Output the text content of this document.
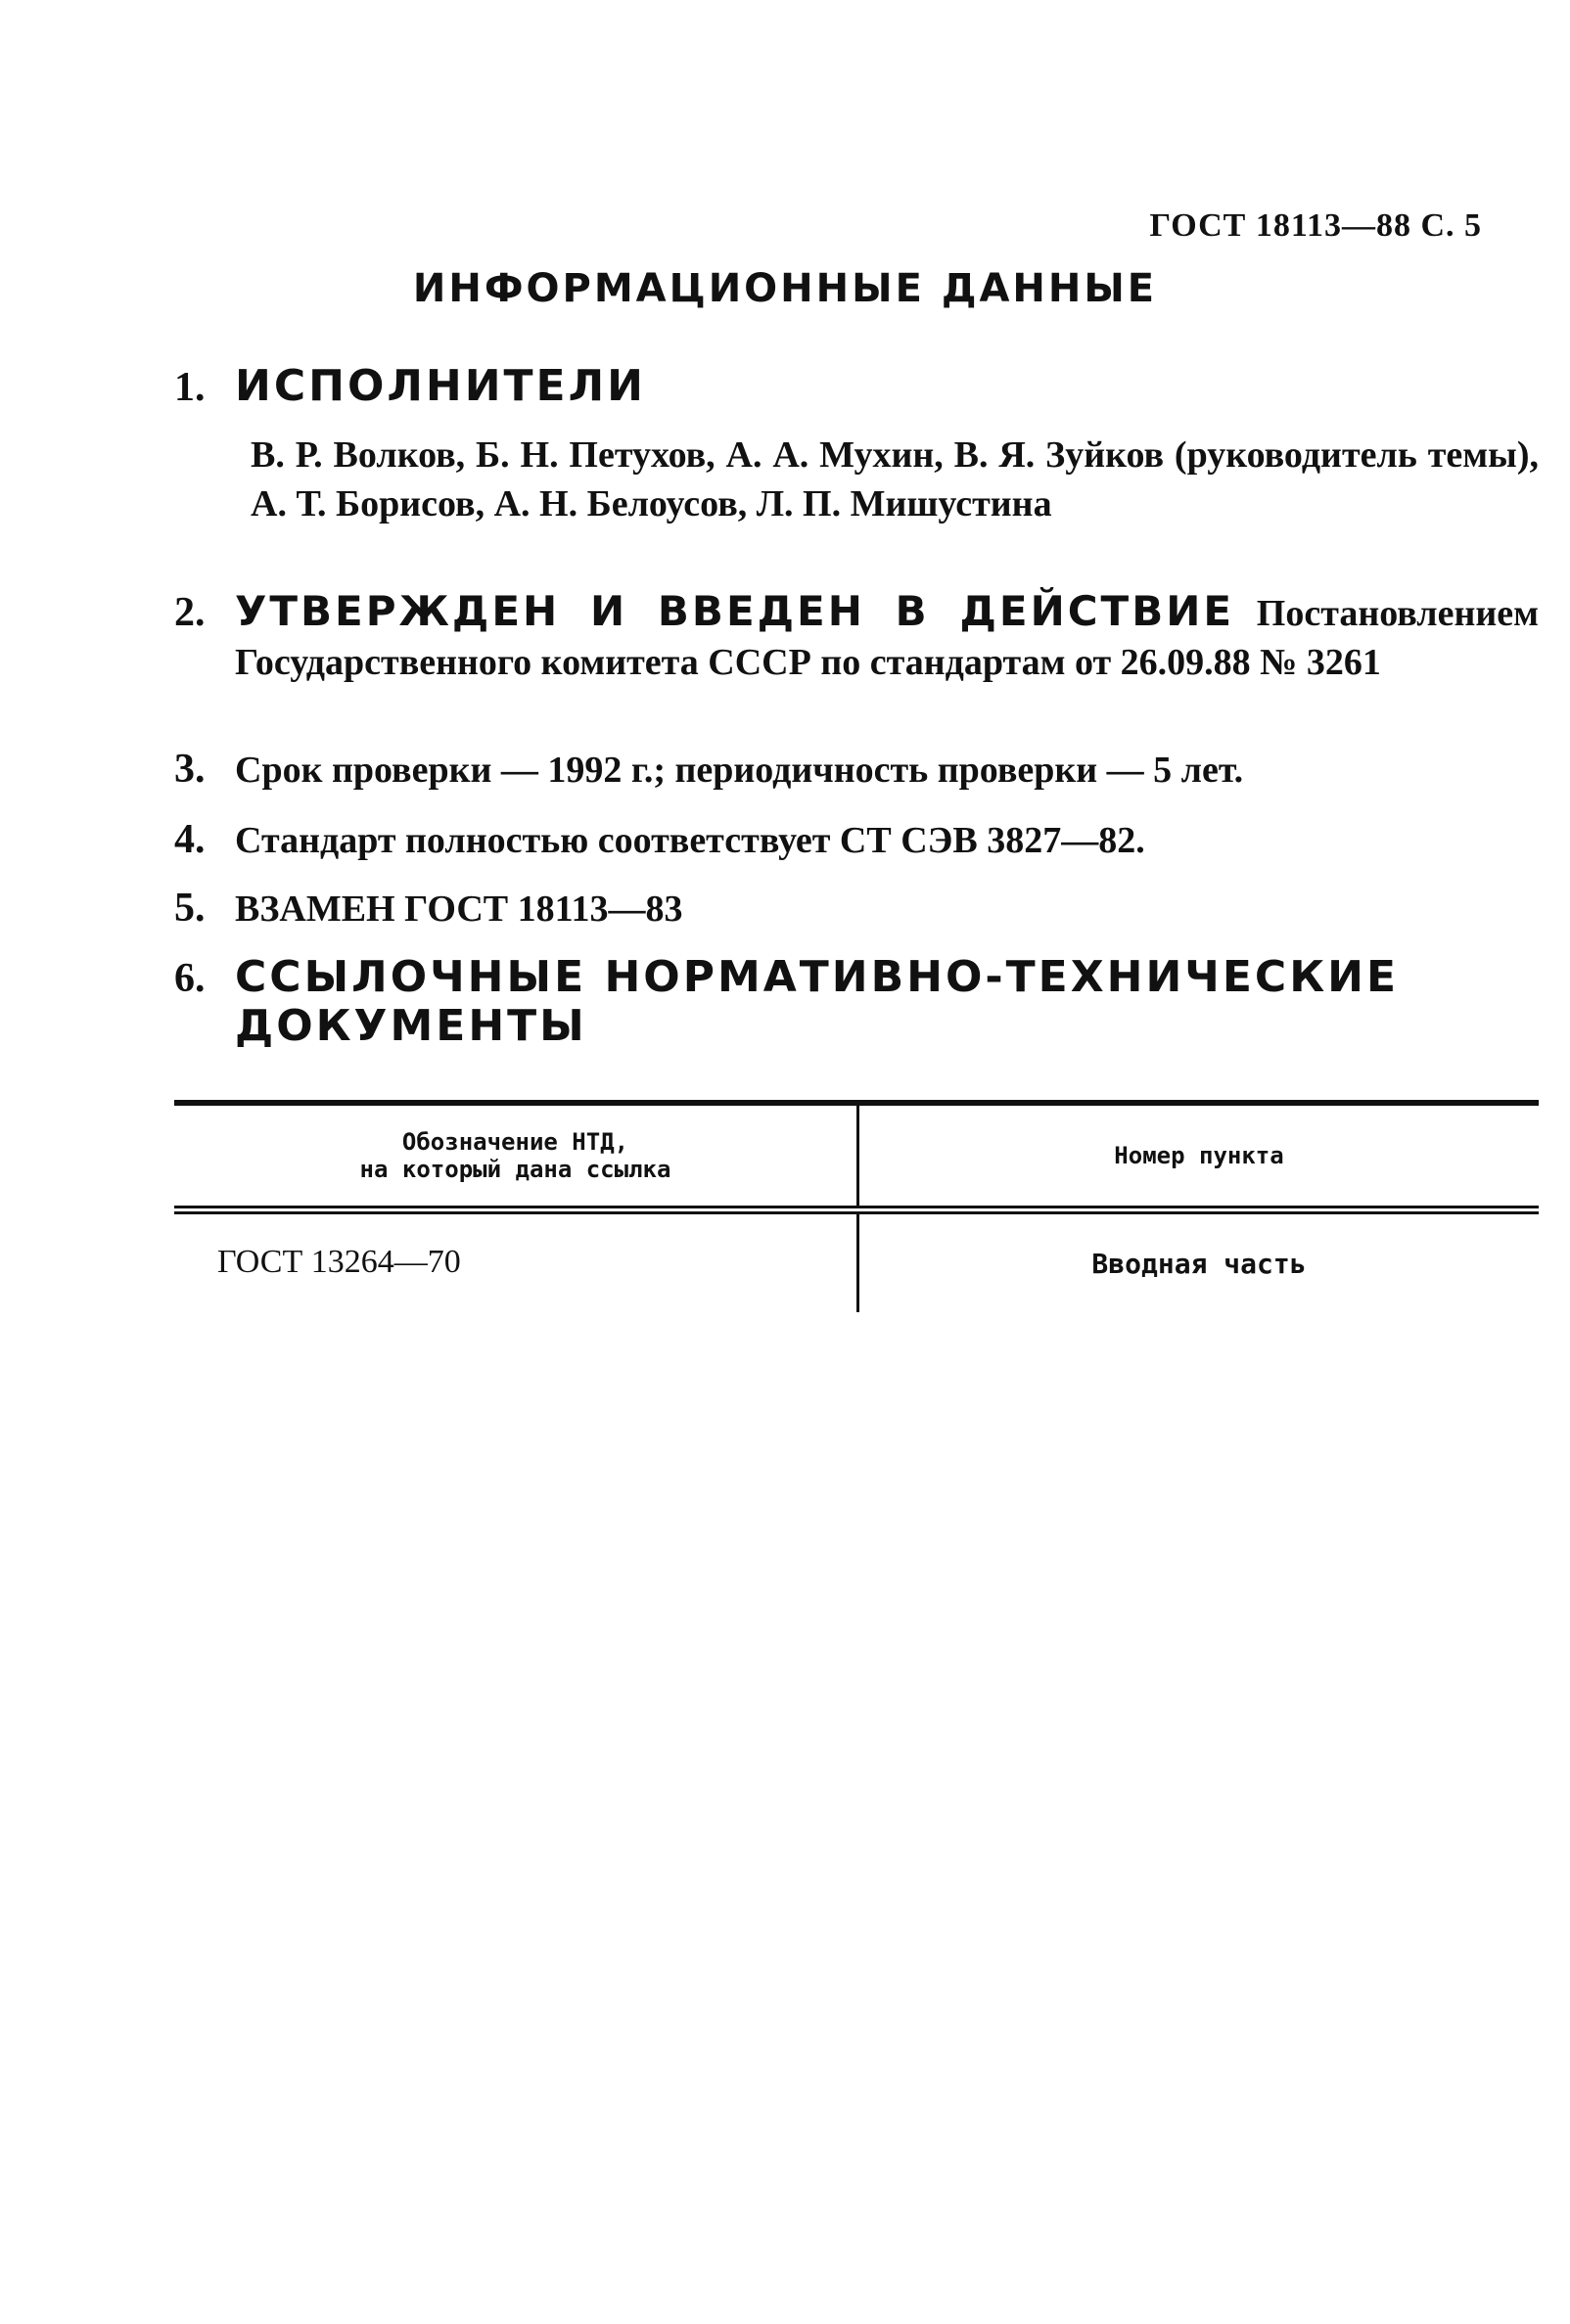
ГОСТ 18113—88 С. 5
ИНФОРМАЦИОННЫЕ ДАННЫЕ
1. ИСПОЛНИТЕЛИ
В. Р. Волков, Б. Н. Петухов, А. А. Мухин, В. Я. Зуйков (руководитель темы), А. Т. Борисов, А. Н. Белоусов, Л. П. Мишустина
2. УТВЕРЖДЕН И ВВЕДЕН В ДЕЙСТВИЕ Постановлением Государственного комитета СССР по стандартам от 26.09.88 № 3261
3. Срок проверки — 1992 г.; периодичность проверки — 5 лет.
4. Стандарт полностью соответствует СТ СЭВ 3827—82.
5. ВЗАМЕН ГОСТ 18113—83
6. ССЫЛОЧНЫЕ НОРМАТИВНО-ТЕХНИЧЕСКИЕ ДОКУМЕНТЫ
Обозначение НТД,
на который дана ссылка	Номер пункта
ГОСТ 13264—70	Вводная часть
